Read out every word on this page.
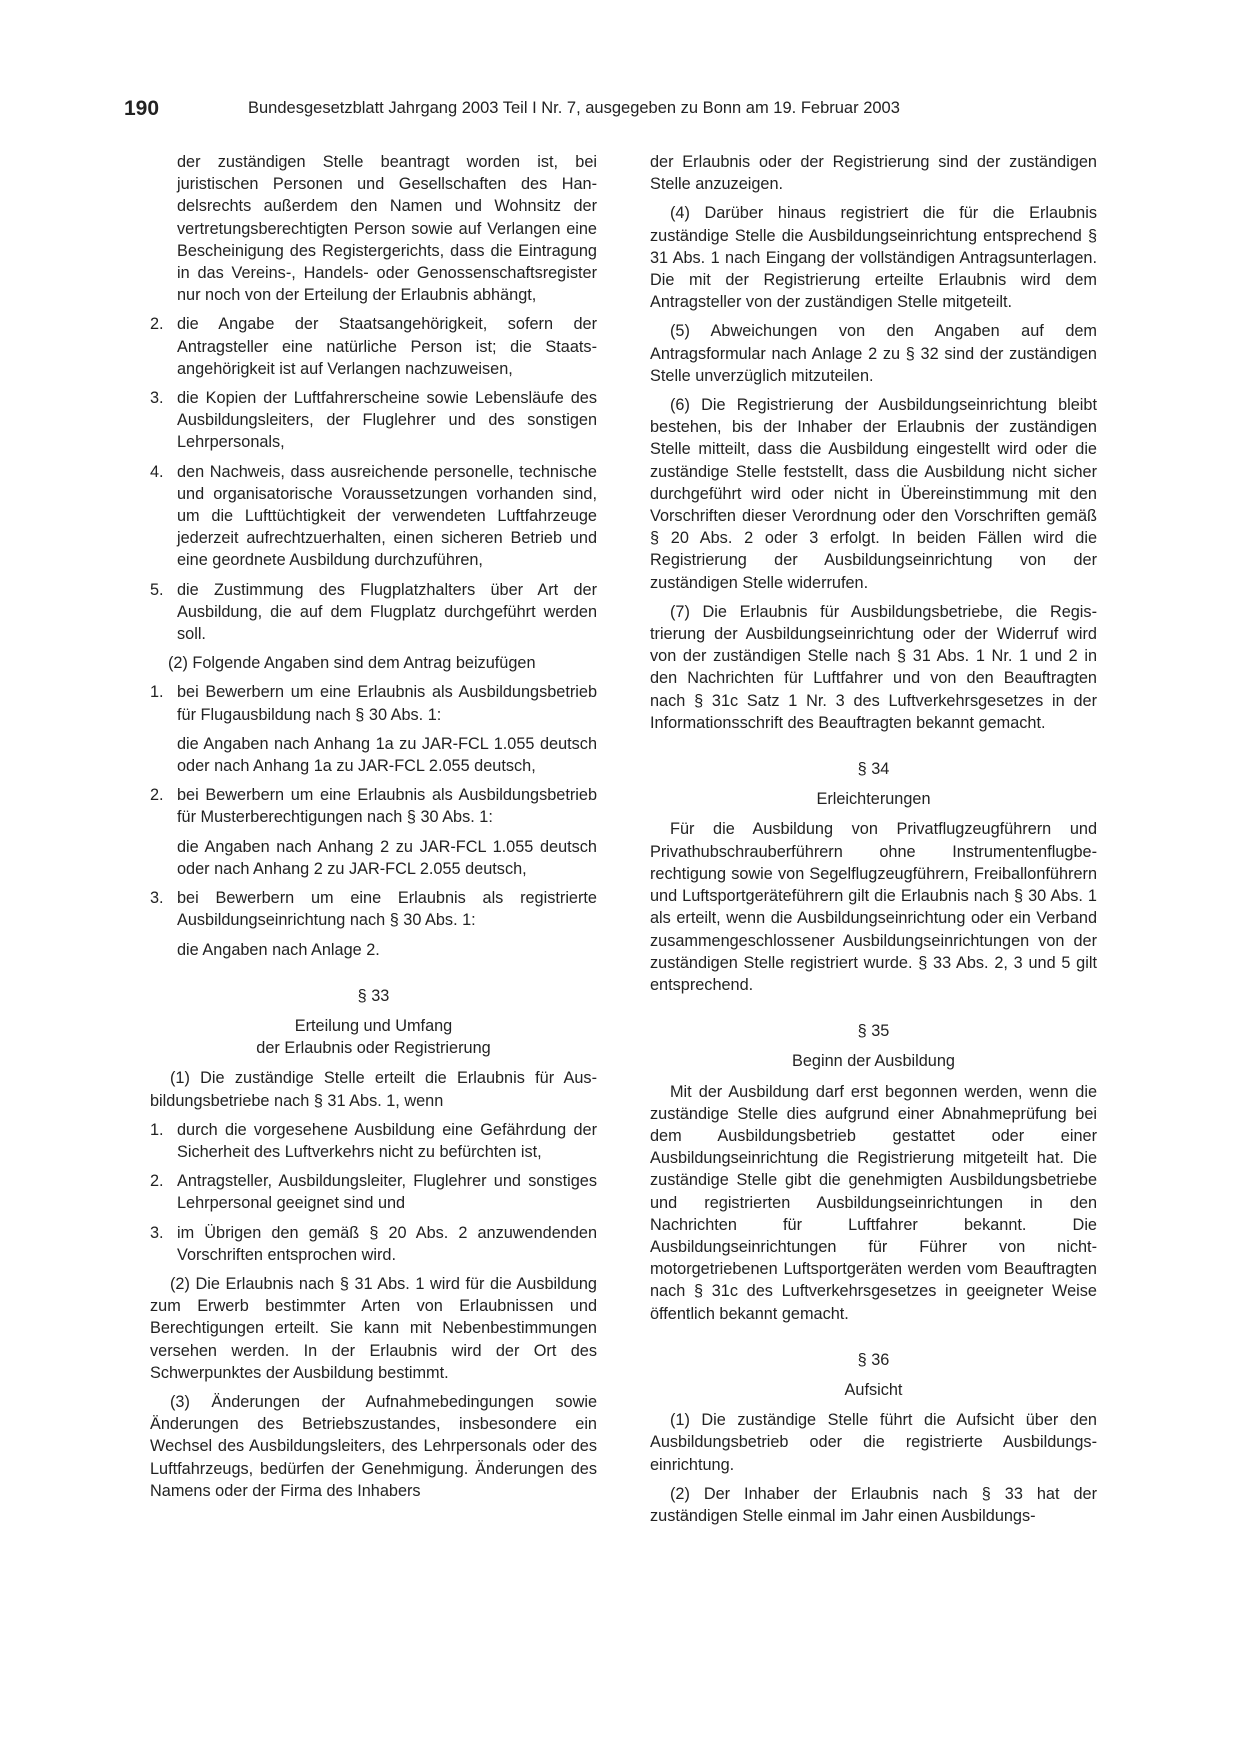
190	Bundesgesetzblatt Jahrgang 2003 Teil I Nr. 7, ausgegeben zu Bonn am 19. Februar 2003

der zuständigen Stelle beantragt worden ist, bei juristischen Personen und Gesellschaften des Handelsrechts außerdem den Namen und Wohnsitz der vertretungsberechtigten Person sowie auf Verlangen eine Bescheinigung des Registergerichts, dass die Eintragung in das Vereins-, Handels- oder Genossenschaftsregister nur noch von der Erteilung der Erlaubnis abhängt,

2. die Angabe der Staatsangehörigkeit, sofern der Antragsteller eine natürliche Person ist; die Staatsangehörigkeit ist auf Verlangen nachzuweisen,
3. die Kopien der Luftfahrerscheine sowie Lebensläufe des Ausbildungsleiters, der Fluglehrer und des sonstigen Lehrpersonals,
4. den Nachweis, dass ausreichende personelle, technische und organisatorische Voraussetzungen vorhanden sind, um die Lufttüchtigkeit der verwendeten Luftfahrzeuge jederzeit aufrechtzuerhalten, einen sicheren Betrieb und eine geordnete Ausbildung durchzuführen,
5. die Zustimmung des Flugplatzhalters über Art der Ausbildung, die auf dem Flugplatz durchgeführt werden soll.

(2) Folgende Angaben sind dem Antrag beizufügen

1. bei Bewerbern um eine Erlaubnis als Ausbildungsbetrieb für Flugausbildung nach § 30 Abs. 1:
die Angaben nach Anhang 1a zu JAR-FCL 1.055 deutsch oder nach Anhang 1a zu JAR-FCL 2.055 deutsch,
2. bei Bewerbern um eine Erlaubnis als Ausbildungsbetrieb für Musterberechtigungen nach § 30 Abs. 1:
die Angaben nach Anhang 2 zu JAR-FCL 1.055 deutsch oder nach Anhang 2 zu JAR-FCL 2.055 deutsch,
3. bei Bewerbern um eine Erlaubnis als registrierte Ausbildungseinrichtung nach § 30 Abs. 1:
die Angaben nach Anlage 2.
§ 33
Erteilung und Umfang
der Erlaubnis oder Registrierung

(1) Die zuständige Stelle erteilt die Erlaubnis für Ausbildungsbetriebe nach § 31 Abs. 1, wenn

1. durch die vorgesehene Ausbildung eine Gefährdung der Sicherheit des Luftverkehrs nicht zu befürchten ist,
2. Antragsteller, Ausbildungsleiter, Fluglehrer und sonstiges Lehrpersonal geeignet sind und
3. im Übrigen den gemäß § 20 Abs. 2 anzuwendenden Vorschriften entsprochen wird.

(2) Die Erlaubnis nach § 31 Abs. 1 wird für die Ausbildung zum Erwerb bestimmter Arten von Erlaubnissen und Berechtigungen erteilt. Sie kann mit Nebenbestimmungen versehen werden. In der Erlaubnis wird der Ort des Schwerpunktes der Ausbildung bestimmt.

(3) Änderungen der Aufnahmebedingungen sowie Änderungen des Betriebszustandes, insbesondere ein Wechsel des Ausbildungsleiters, des Lehrpersonals oder des Luftfahrzeugs, bedürfen der Genehmigung. Änderungen des Namens oder der Firma des Inhabers

der Erlaubnis oder der Registrierung sind der zuständigen Stelle anzuzeigen.

(4) Darüber hinaus registriert die für die Erlaubnis zuständige Stelle die Ausbildungseinrichtung entsprechend § 31 Abs. 1 nach Eingang der vollständigen Antragsunterlagen. Die mit der Registrierung erteilte Erlaubnis wird dem Antragsteller von der zuständigen Stelle mitgeteilt.

(5) Abweichungen von den Angaben auf dem Antragsformular nach Anlage 2 zu § 32 sind der zuständigen Stelle unverzüglich mitzuteilen.

(6) Die Registrierung der Ausbildungseinrichtung bleibt bestehen, bis der Inhaber der Erlaubnis der zuständigen Stelle mitteilt, dass die Ausbildung eingestellt wird oder die zuständige Stelle feststellt, dass die Ausbildung nicht sicher durchgeführt wird oder nicht in Übereinstimmung mit den Vorschriften dieser Verordnung oder den Vorschriften gemäß § 20 Abs. 2 oder 3 erfolgt. In beiden Fällen wird die Registrierung der Ausbildungseinrichtung von der zuständigen Stelle widerrufen.

(7) Die Erlaubnis für Ausbildungsbetriebe, die Registrierung der Ausbildungseinrichtung oder der Widerruf wird von der zuständigen Stelle nach § 31 Abs. 1 Nr. 1 und 2 in den Nachrichten für Luftfahrer und von den Beauftragten nach § 31c Satz 1 Nr. 3 des Luftverkehrsgesetzes in der Informationsschrift des Beauftragten bekannt gemacht.

§ 34
Erleichterungen

Für die Ausbildung von Privatflugzeugführern und Privathubschrauberführern ohne Instrumentenflugberechtigung sowie von Segelflugzeugführern, Freiballonführern und Luftsportgeräteführern gilt die Erlaubnis nach § 30 Abs. 1 als erteilt, wenn die Ausbildungseinrichtung oder ein Verband zusammengeschlossener Ausbildungseinrichtungen von der zuständigen Stelle registriert wurde. § 33 Abs. 2, 3 und 5 gilt entsprechend.

§ 35
Beginn der Ausbildung

Mit der Ausbildung darf erst begonnen werden, wenn die zuständige Stelle dies aufgrund einer Abnahmeprüfung bei dem Ausbildungsbetrieb gestattet oder einer Ausbildungseinrichtung die Registrierung mitgeteilt hat. Die zuständige Stelle gibt die genehmigten Ausbildungsbetriebe und registrierten Ausbildungseinrichtungen in den Nachrichten für Luftfahrer bekannt. Die Ausbildungseinrichtungen für Führer von nichtmotorgetriebenen Luftsportgeräten werden vom Beauftragten nach § 31c des Luftverkehrsgesetzes in geeigneter Weise öffentlich bekannt gemacht.

§ 36
Aufsicht

(1) Die zuständige Stelle führt die Aufsicht über den Ausbildungsbetrieb oder die registrierte Ausbildungseinrichtung.

(2) Der Inhaber der Erlaubnis nach § 33 hat der zuständigen Stelle einmal im Jahr einen Ausbildungs-
